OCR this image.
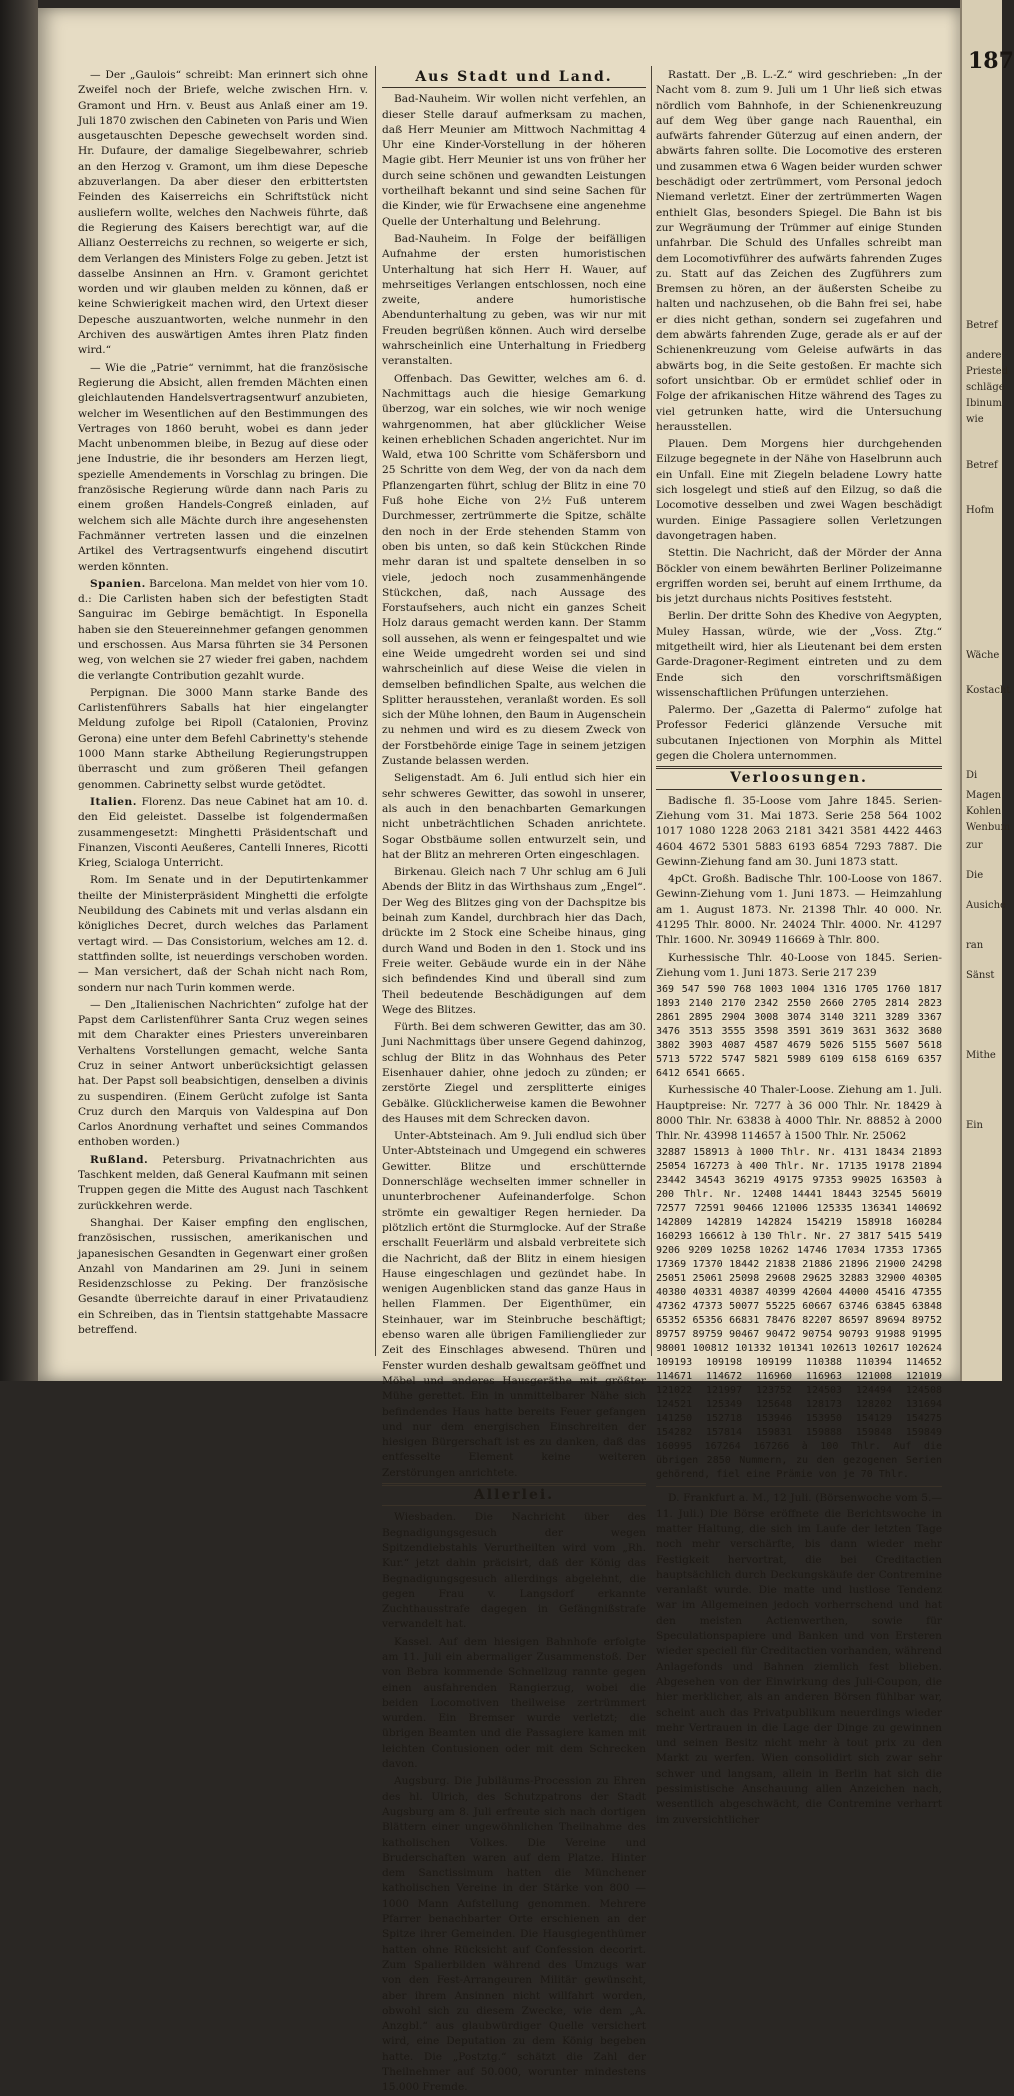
187
Betref
andere
Priested
schläge
Ibinum
wie
Betref
Hofm
Wäche
Kostacht
Di
Magen
Kohlen
Wenbum
zur
Die
Ausiche
ran
Sänst
Mithe
Ein

— Der „Gaulois“ schreibt: Man erinnert sich ohne Zweifel noch der Briefe, welche zwischen Hrn. v. Gramont und Hrn. v. Beust aus Anlaß einer am 19. Juli 1870 zwischen den Cabineten von Paris und Wien ausgetauschten Depesche gewechselt worden sind. Hr. Dufaure, der damalige Siegelbewahrer, schrieb an den Herzog v. Gramont, um ihm diese Depesche abzuverlangen. Da aber dieser den erbittertsten Feinden des Kaiserreichs ein Schriftstück nicht ausliefern wollte, welches den Nachweis führte, daß die Regierung des Kaisers berechtigt war, auf die Allianz Oesterreichs zu rechnen, so weigerte er sich, dem Verlangen des Ministers Folge zu geben. Jetzt ist dasselbe Ansinnen an Hrn. v. Gramont gerichtet worden und wir glauben melden zu können, daß er keine Schwierigkeit machen wird, den Urtext dieser Depesche auszuantworten, welche nunmehr in den Archiven des auswärtigen Amtes ihren Platz finden wird.“

— Wie die „Patrie“ vernimmt, hat die französische Regierung die Absicht, allen fremden Mächten einen gleichlautenden Handelsvertragsentwurf anzubieten, welcher im Wesentlichen auf den Bestimmungen des Vertrages von 1860 beruht, wobei es dann jeder Macht unbenommen bleibe, in Bezug auf diese oder jene Industrie, die ihr besonders am Herzen liegt, spezielle Amendements in Vorschlag zu bringen. Die französische Regierung würde dann nach Paris zu einem großen Handels-Congreß einladen, auf welchem sich alle Mächte durch ihre angesehensten Fachmänner vertreten lassen und die einzelnen Artikel des Vertragsentwurfs eingehend discutirt werden könnten.

Spanien. Barcelona. Man meldet von hier vom 10. d.: Die Carlisten haben sich der befestigten Stadt Sanguirac im Gebirge bemächtigt. In Esponella haben sie den Steuereinnehmer gefangen genommen und erschossen. Aus Marsa führten sie 34 Personen weg, von welchen sie 27 wieder frei gaben, nachdem die verlangte Contribution gezahlt wurde.

Perpignan. Die 3000 Mann starke Bande des Carlistenführers Saballs hat hier eingelangter Meldung zufolge bei Ripoll (Catalonien, Provinz Gerona) eine unter dem Befehl Cabrinetty's stehende 1000 Mann starke Abtheilung Regierungstruppen überrascht und zum größeren Theil gefangen genommen. Cabrinetty selbst wurde getödtet.

Italien. Florenz. Das neue Cabinet hat am 10. d. den Eid geleistet. Dasselbe ist folgendermaßen zusammengesetzt: Minghetti Präsidentschaft und Finanzen, Visconti Aeußeres, Cantelli Inneres, Ricotti Krieg, Scialoga Unterricht.

Rom. Im Senate und in der Deputirtenkammer theilte der Ministerpräsident Minghetti die erfolgte Neubildung des Cabinets mit und verlas alsdann ein königliches Decret, durch welches das Parlament vertagt wird. — Das Consistorium, welches am 12. d. stattfinden sollte, ist neuerdings verschoben worden. — Man versichert, daß der Schah nicht nach Rom, sondern nur nach Turin kommen werde.

— Den „Italienischen Nachrichten“ zufolge hat der Papst dem Carlistenführer Santa Cruz wegen seines mit dem Charakter eines Priesters unvereinbaren Verhaltens Vorstellungen gemacht, welche Santa Cruz in seiner Antwort unberücksichtigt gelassen hat. Der Papst soll beabsichtigen, denselben a divinis zu suspendiren. (Einem Gerücht zufolge ist Santa Cruz durch den Marquis von Valdespina auf Don Carlos Anordnung verhaftet und seines Commandos enthoben worden.)

Rußland. Petersburg. Privatnachrichten aus Taschkent melden, daß General Kaufmann mit seinen Truppen gegen die Mitte des August nach Taschkent zurückkehren werde.

Shanghai. Der Kaiser empfing den englischen, französischen, russischen, amerikanischen und japanesischen Gesandten in Gegenwart einer großen Anzahl von Mandarinen am 29. Juni in seinem Residenzschlosse zu Peking. Der französische Gesandte überreichte darauf in einer Privataudienz ein Schreiben, das in Tientsin stattgehabte Massacre betreffend.

Aus Stadt und Land.

Bad-Nauheim. Wir wollen nicht verfehlen, an dieser Stelle darauf aufmerksam zu machen, daß Herr Meunier am Mittwoch Nachmittag 4 Uhr eine Kinder-Vorstellung in der höheren Magie gibt. Herr Meunier ist uns von früher her durch seine schönen und gewandten Leistungen vortheilhaft bekannt und sind seine Sachen für die Kinder, wie für Erwachsene eine angenehme Quelle der Unterhaltung und Belehrung.

Bad-Nauheim. In Folge der beifälligen Aufnahme der ersten humoristischen Unterhaltung hat sich Herr H. Wauer, auf mehrseitiges Verlangen entschlossen, noch eine zweite, andere humoristische Abendunterhaltung zu geben, was wir nur mit Freuden begrüßen können. Auch wird derselbe wahrscheinlich eine Unterhaltung in Friedberg veranstalten.

Offenbach. Das Gewitter, welches am 6. d. Nachmittags auch die hiesige Gemarkung überzog, war ein solches, wie wir noch wenige wahrgenommen, hat aber glücklicher Weise keinen erheblichen Schaden angerichtet. Nur im Wald, etwa 100 Schritte vom Schäfersborn und 25 Schritte von dem Weg, der von da nach dem Pflanzengarten führt, schlug der Blitz in eine 70 Fuß hohe Eiche von 2½ Fuß unterem Durchmesser, zertrümmerte die Spitze, schälte den noch in der Erde stehenden Stamm von oben bis unten, so daß kein Stückchen Rinde mehr daran ist und spaltete denselben in so viele, jedoch noch zusammenhängende Stückchen, daß, nach Aussage des Forstaufsehers, auch nicht ein ganzes Scheit Holz daraus gemacht werden kann. Der Stamm soll aussehen, als wenn er feingespaltet und wie eine Weide umgedreht worden sei und sind wahrscheinlich auf diese Weise die vielen in demselben befindlichen Spalte, aus welchen die Splitter herausstehen, veranlaßt worden. Es soll sich der Mühe lohnen, den Baum in Augenschein zu nehmen und wird es zu diesem Zweck von der Forstbehörde einige Tage in seinem jetzigen Zustande belassen werden.

Seligenstadt. Am 6. Juli entlud sich hier ein sehr schweres Gewitter, das sowohl in unserer, als auch in den benachbarten Gemarkungen nicht unbeträchtlichen Schaden anrichtete. Sogar Obstbäume sollen entwurzelt sein, und hat der Blitz an mehreren Orten eingeschlagen.

Birkenau. Gleich nach 7 Uhr schlug am 6 Juli Abends der Blitz in das Wirthshaus zum „Engel“. Der Weg des Blitzes ging von der Dachspitze bis beinah zum Kandel, durchbrach hier das Dach, drückte im 2 Stock eine Scheibe hinaus, ging durch Wand und Boden in den 1. Stock und ins Freie weiter. Gebäude wurde ein in der Nähe sich befindendes Kind und überall sind zum Theil bedeutende Beschädigungen auf dem Wege des Blitzes.

Fürth. Bei dem schweren Gewitter, das am 30. Juni Nachmittags über unsere Gegend dahinzog, schlug der Blitz in das Wohnhaus des Peter Eisenhauer dahier, ohne jedoch zu zünden; er zerstörte Ziegel und zersplitterte einiges Gebälke. Glücklicherweise kamen die Bewohner des Hauses mit dem Schrecken davon.

Unter-Abtsteinach. Am 9. Juli endlud sich über Unter-Abtsteinach und Umgegend ein schweres Gewitter. Blitze und erschütternde Donnerschläge wechselten immer schneller in ununterbrochener Aufeinanderfolge. Schon strömte ein gewaltiger Regen hernieder. Da plötzlich ertönt die Sturmglocke. Auf der Straße erschallt Feuerlärm und alsbald verbreitete sich die Nachricht, daß der Blitz in einem hiesigen Hause eingeschlagen und gezündet habe. In wenigen Augenblicken stand das ganze Haus in hellen Flammen. Der Eigenthümer, ein Steinhauer, war im Steinbruche beschäftigt; ebenso waren alle übrigen Familienglieder zur Zeit des Einschlages abwesend. Thüren und Fenster wurden deshalb gewaltsam geöffnet und Möbel und anderes Hausgeräthe mit größter Mühe gerettet. Ein in unmittelbarer Nähe sich befindendes Haus hatte bereits Feuer gefangen und nur dem energischen Einschreiten der hiesigen Bürgerschaft ist es zu danken, daß das entfesselte Element keine weiteren Zerstörungen anrichtete.

Allerlei.

Wiesbaden. Die Nachricht über des Begnadigungsgesuch der wegen Spitzendiebstahls Verurtheilten wird vom „Rh. Kur.“ jetzt dahin präcisirt, daß der König das Begnadigungsgesuch allerdings abgelehnt, die gegen Frau v. Langsdorf erkannte Zuchthausstrafe dagegen in Gefängnißstrafe verwandelt hat.

Kassel. Auf dem hiesigen Bahnhofe erfolgte am 11. Juli ein abermaliger Zusammenstoß. Der von Bebra kommende Schnellzug rannte gegen einen ausfahrenden Rangierzug, wobei die beiden Locomotiven theilweise zertrümmert wurden. Ein Bremser wurde verletzt; die übrigen Beamten und die Passagiere kamen mit leichten Contusionen oder mit dem Schrecken davon.

Augsburg. Die Jubiläums-Procession zu Ehren des hl. Ulrich, des Schutzpatrons der Stadt Augsburg am 8. Juli erfreute sich nach dortigen Blättern einer ungewöhnlichen Theilnahme des katholischen Volkes. Die Vereine und Bruderschaften waren auf dem Platze. Hinter dem Sanctissimum hatten die Münchener katholischen Vereine in der Stärke von 800 — 1000 Mann Aufstellung genommen. Mehrere Pfarrer benachbarter Orte erschienen an der Spitze ihrer Gemeinden. Die Hausgiegenthümer hatten ohne Rücksicht auf Confession decorirt. Zum Spalierbilden während des Umzugs war von den Fest-Arrangeuren Militär gewünscht, aber ihrem Ansinnen nicht willfahrt worden, obwohl sich zu diesem Zwecke, wie dem „A. Anzgbl.“ aus glaubwürdiger Quelle versichert wird, eine Deputation zu dem König begeben hatte. Die „Postztg.“ schätzt die Zahl der Theilnehmer auf 50.000, worunter mindestens 15.000 Fremde.

Rastatt. Der „B. L.-Z.“ wird geschrieben: „In der Nacht vom 8. zum 9. Juli um 1 Uhr ließ sich etwas nördlich vom Bahnhofe, in der Schienenkreuzung auf dem Weg über gange nach Rauenthal, ein aufwärts fahrender Güterzug auf einen andern, der abwärts fahren sollte. Die Locomotive des ersteren und zusammen etwa 6 Wagen beider wurden schwer beschädigt oder zertrümmert, vom Personal jedoch Niemand verletzt. Einer der zertrümmerten Wagen enthielt Glas, besonders Spiegel. Die Bahn ist bis zur Wegräumung der Trümmer auf einige Stunden unfahrbar. Die Schuld des Unfalles schreibt man dem Locomotivführer des aufwärts fahrenden Zuges zu. Statt auf das Zeichen des Zugführers zum Bremsen zu hören, an der äußersten Scheibe zu halten und nachzusehen, ob die Bahn frei sei, habe er dies nicht gethan, sondern sei zugefahren und dem abwärts fahrenden Zuge, gerade als er auf der Schienenkreuzung vom Geleise aufwärts in das abwärts bog, in die Seite gestoßen. Er machte sich sofort unsichtbar. Ob er ermüdet schlief oder in Folge der afrikanischen Hitze während des Tages zu viel getrunken hatte, wird die Untersuchung herausstellen.

Plauen. Dem Morgens hier durchgehenden Eilzuge begegnete in der Nähe von Haselbrunn auch ein Unfall. Eine mit Ziegeln beladene Lowry hatte sich losgelegt und stieß auf den Eilzug, so daß die Locomotive desselben und zwei Wagen beschädigt wurden. Einige Passagiere sollen Verletzungen davongetragen haben.

Stettin. Die Nachricht, daß der Mörder der Anna Böckler von einem bewährten Berliner Polizeimanne ergriffen worden sei, beruht auf einem Irrthume, da bis jetzt durchaus nichts Positives feststeht.

Berlin. Der dritte Sohn des Khedive von Aegypten, Muley Hassan, würde, wie der „Voss. Ztg.“ mitgetheilt wird, hier als Lieutenant bei dem ersten Garde-Dragoner-Regiment eintreten und zu dem Ende sich den vorschriftsmäßigen wissenschaftlichen Prüfungen unterziehen.

Palermo. Der „Gazetta di Palermo“ zufolge hat Professor Federici glänzende Versuche mit subcutanen Injectionen von Morphin als Mittel gegen die Cholera unternommen.

Verloosungen.

Badische fl. 35-Loose vom Jahre 1845. Serien-Ziehung vom 31. Mai 1873. Serie 258 564 1002 1017 1080 1228 2063 2181 3421 3581 4422 4463 4604 4672 5301 5883 6193 6854 7293 7887. Die Gewinn-Ziehung fand am 30. Juni 1873 statt.

4pCt. Großh. Badische Thlr. 100-Loose von 1867. Gewinn-Ziehung vom 1. Juni 1873. — Heimzahlung am 1. August 1873. Nr. 21398 Thlr. 40 000. Nr. 41295 Thlr. 8000. Nr. 24024 Thlr. 4000. Nr. 41297 Thlr. 1600. Nr. 30949 116669 à Thlr. 800.

Kurhessische Thlr. 40-Loose von 1845. Serien-Ziehung vom 1. Juni 1873. Serie 217 239

369 547 590 768 1003 1004 1316 1705 1760 1817 1893 2140 2170 2342 2550 2660 2705 2814 2823 2861 2895 2904 3008 3074 3140 3211 3289 3367 3476 3513 3555 3598 3591 3619 3631 3632 3680 3802 3903 4087 4587 4679 5026 5155 5607 5618 5713 5722 5747 5821 5989 6109 6158 6169 6357 6412 6541 6665.

Kurhessische 40 Thaler-Loose. Ziehung am 1. Juli. Hauptpreise: Nr. 7277 à 36 000 Thlr. Nr. 18429 à 8000 Thlr. Nr. 63838 à 4000 Thlr. Nr. 88852 à 2000 Thlr. Nr. 43998 114657 à 1500 Thlr. Nr. 25062

32887 158913 à 1000 Thlr. Nr. 4131 18434 21893 25054 167273 à 400 Thlr. Nr. 17135 19178 21894 23442 34543 36219 49175 97353 99025 163503 à 200 Thlr. Nr. 12408 14441 18443 32545 56019 72577 72591 90466 121006 125335 136341 140692 142809 142819 142824 154219 158918 160284 160293 166612 à 130 Thlr. Nr. 27 3817 5415 5419 9206 9209 10258 10262 14746 17034 17353 17365 17369 17370 18442 21838 21886 21896 21900 24298 25051 25061 25098 29608 29625 32883 32900 40305 40380 40331 40387 40399 42604 44000 45416 47355 47362 47373 50077 55225 60667 63746 63845 63848 65352 65356 66831 78476 82207 86597 89694 89752 89757 89759 90467 90472 90754 90793 91988 91995 98001 100812 101332 101341 102613 102617 102624 109193 109198 109199 110388 110394 114652 114671 114672 116960 116963 121008 121019 121022 121997 123752 124503 124494 124508 124521 125349 125648 128173 128202 131694 141250 152718 153946 153950 154129 154275 154282 157814 159831 159888 159848 159849 160995 167264 167266 à 100 Thlr. Auf die übrigen 2850 Nummern, zu den gezogenen Serien gehörend, fiel eine Prämie von je 70 Thlr.

D. Frankfurt a. M., 12 Juli. (Börsenwoche vom 5.—11. Juli.) Die Börse eröffnete die Berichtswoche in matter Haltung, die sich im Laufe der letzten Tage noch mehr verschärfte, bis dann wieder mehr Festigkeit hervortrat, die bei Creditactien hauptsächlich durch Deckungskäufe der Contremine veranlaßt wurde. Die matte und lustlose Tendenz war im Allgemeinen jedoch vorherrschend und hat den meisten Actienwerthen, sowie für Speculationspapiere und Banken und von Ersteren wieder speciell für Creditactien vorhanden, während Anlagefonds und Bahnen ziemlich fest blieben. Abgesehen von der Einwirkung des Juli-Coupon, die hier merklicher, als an anderen Börsen fühlbar war, scheint auch das Privatpublikum neuerdings wieder mehr Vertrauen in die Lage der Dinge zu gewinnen und seinen Besitz nicht mehr à tout prix zu den Markt zu werfen. Wien consolidirt sich zwar sehr schwer und langsam, allein in Berlin hat sich die pessimistische Anschauung allen Anzeichen nach, wesentlich abgeschwächt, die Contremine verharrt im zuversichtlicher
